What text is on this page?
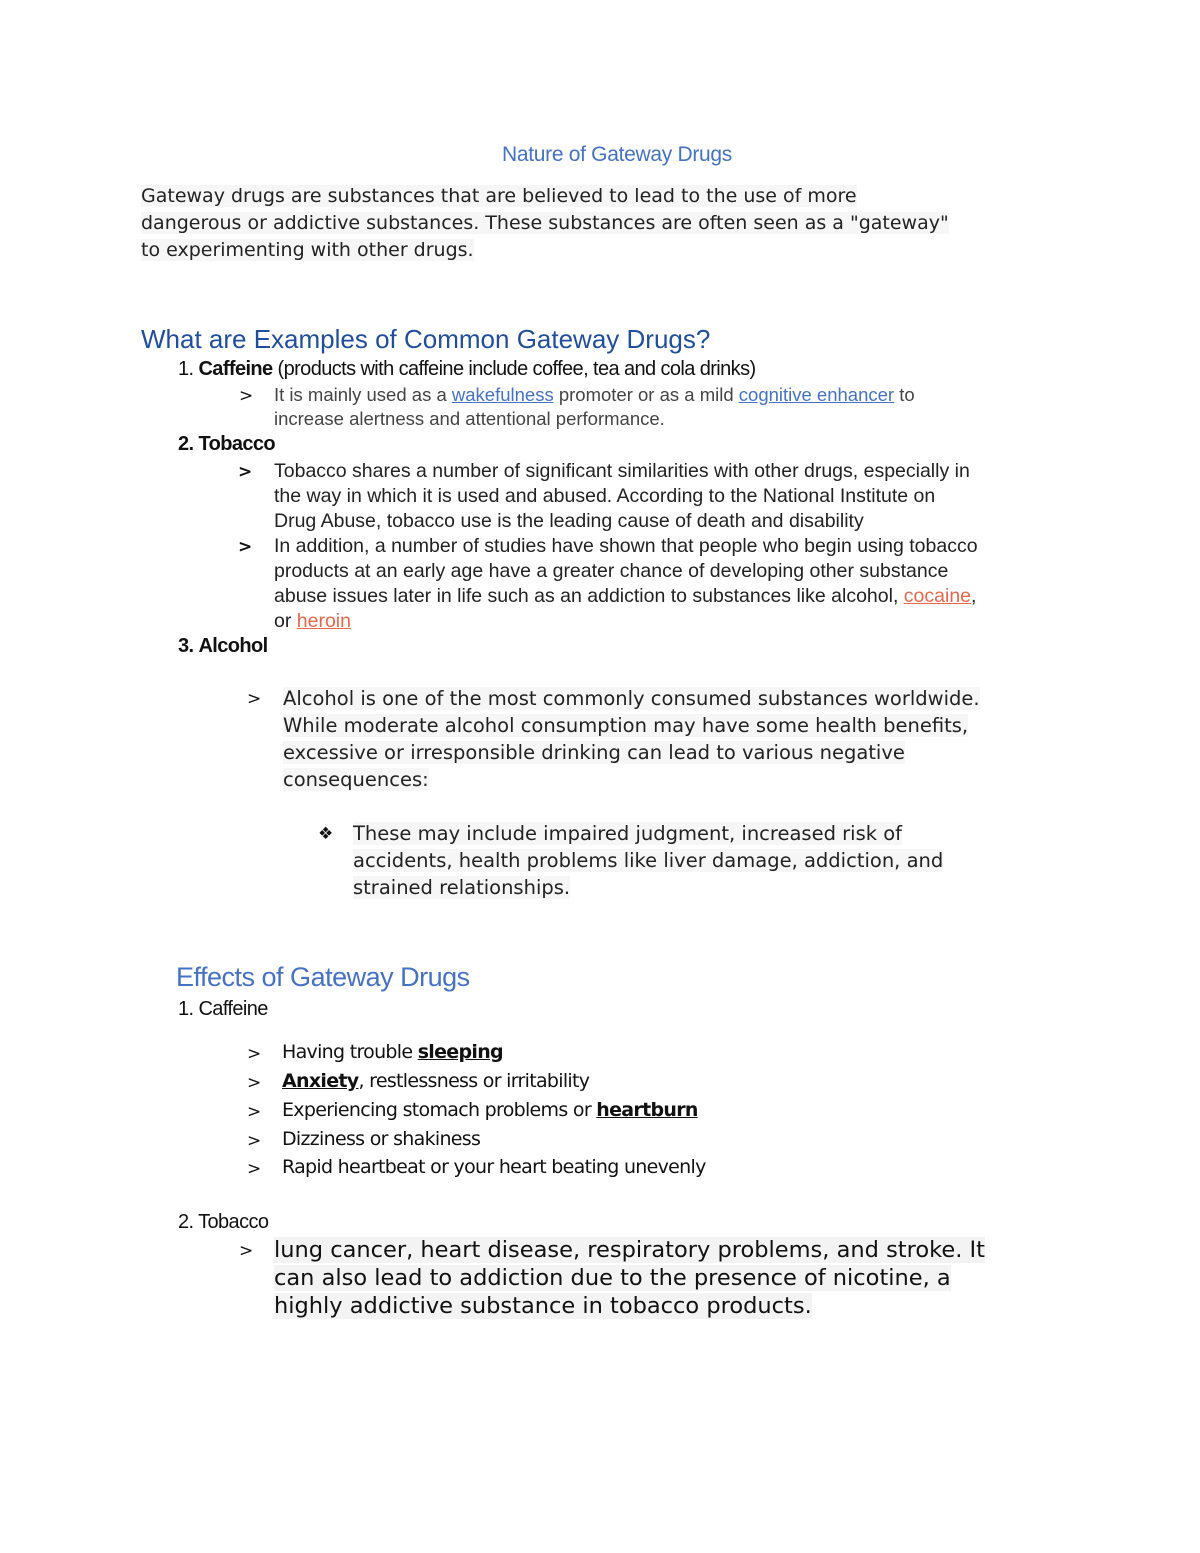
Nature of Gateway Drugs
Gateway drugs are substances that are believed to lead to the use of more
dangerous or addictive substances. These substances are often seen as a "gateway"
to experimenting with other drugs.
What are Examples of Common Gateway Drugs?
1. Caffeine (products with caffeine include coffee, tea and cola drinks)
> It is mainly used as a wakefulness promoter or as a mild cognitive enhancer to
increase alertness and attentional performance.
2. Tobacco
> Tobacco shares a number of significant similarities with other drugs, especially in
the way in which it is used and abused. According to the National Institute on
Drug Abuse, tobacco use is the leading cause of death and disability
> In addition, a number of studies have shown that people who begin using tobacco
products at an early age have a greater chance of developing other substance
abuse issues later in life such as an addiction to substances like alcohol, cocaine,
or heroin
3. Alcohol
> Alcohol is one of the most commonly consumed substances worldwide.
While moderate alcohol consumption may have some health benefits,
excessive or irresponsible drinking can lead to various negative
consequences:
❖ These may include impaired judgment, increased risk of
accidents, health problems like liver damage, addiction, and
strained relationships.
Effects of Gateway Drugs
1. Caffeine
> Having trouble sleeping
> Anxiety, restlessness or irritability
> Experiencing stomach problems or heartburn
> Dizziness or shakiness
> Rapid heartbeat or your heart beating unevenly
2. Tobacco
> lung cancer, heart disease, respiratory problems, and stroke. It
can also lead to addiction due to the presence of nicotine, a
highly addictive substance in tobacco products.
